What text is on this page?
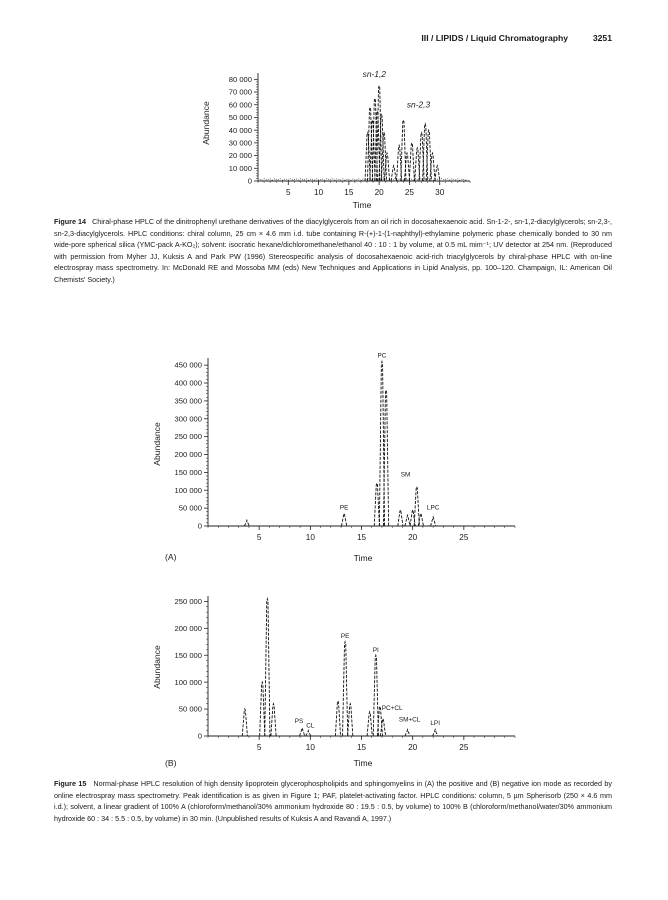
III / LIPIDS / Liquid Chromatography	3251
Abundance
Time
0
10 000
20 000
30 000
40 000
50 000
60 000
70 000
80 000
5	10	15	20	25	30
sn-1,2
sn-2,3
Abundance
Time
(A)
0
50 000
100 000
150 000
200 000
250 000
300 000
350 000
400 000
450 000
5	10	15	20	25
PC
SM
PE	LPC
Abundance
Time
(B)
0
50 000
100 000
150 000
200 000
250 000
5	10	15	20	25
PE
PI
PC+CL
SM+CL
PS
CL	LPI
Figure 14 Chiral-phase HPLC of the dinitrophenyl urethane derivatives of the diacylglycerols from an oil rich in docosahexaenoic acid. Sn-1-2-, sn-1,2-diacylglycerols; sn-2,3-, sn-2,3-diacylglycerols. HPLC conditions: chiral column, 25 cm × 4.6 mm i.d. tube containing R-(+)-1-(1-naphthyl)-ethylamine polymeric phase chemically bonded to 30 nm wide-pore spherical silica (YMC-pack A-KO₂); solvent: isocratic hexane/dichloromethane/ethanol 40 : 10 : 1 by volume, at 0.5 mL mim⁻¹; UV detector at 254 nm. (Reproduced with permission from Myher JJ, Kuksis A and Park PW (1996) Stereospecific analysis of docosahexaenoic acid-rich triacylglycerols by chiral-phase HPLC with on-line electrospray mass spectrometry. In: McDonald RE and Mossoba MM (eds) New Techniques and Applications in Lipid Analysis, pp. 100–120. Champaign, IL: American Oil Chemists' Society.)
Figure 15 Normal-phase HPLC resolution of high density lipoprotein glycerophospholipids and sphingomyelins in (A) the positive and (B) negative ion mode as recorded by online electrospray mass spectrometry. Peak identification is as given in Figure 1; PAF, platelet-activating factor. HPLC conditions: column, 5 µm Spherisorb (250 × 4.6 mm i.d.); solvent, a linear gradient of 100% A (chloroform/methanol/30% ammonium hydroxide 80 : 19.5 : 0.5, by volume) to 100% B (chloroform/methanol/water/30% ammonium hydroxide 60 : 34 : 5.5 : 0.5, by volume) in 30 min. (Unpublished results of Kuksis A and Ravandi A, 1997.)
